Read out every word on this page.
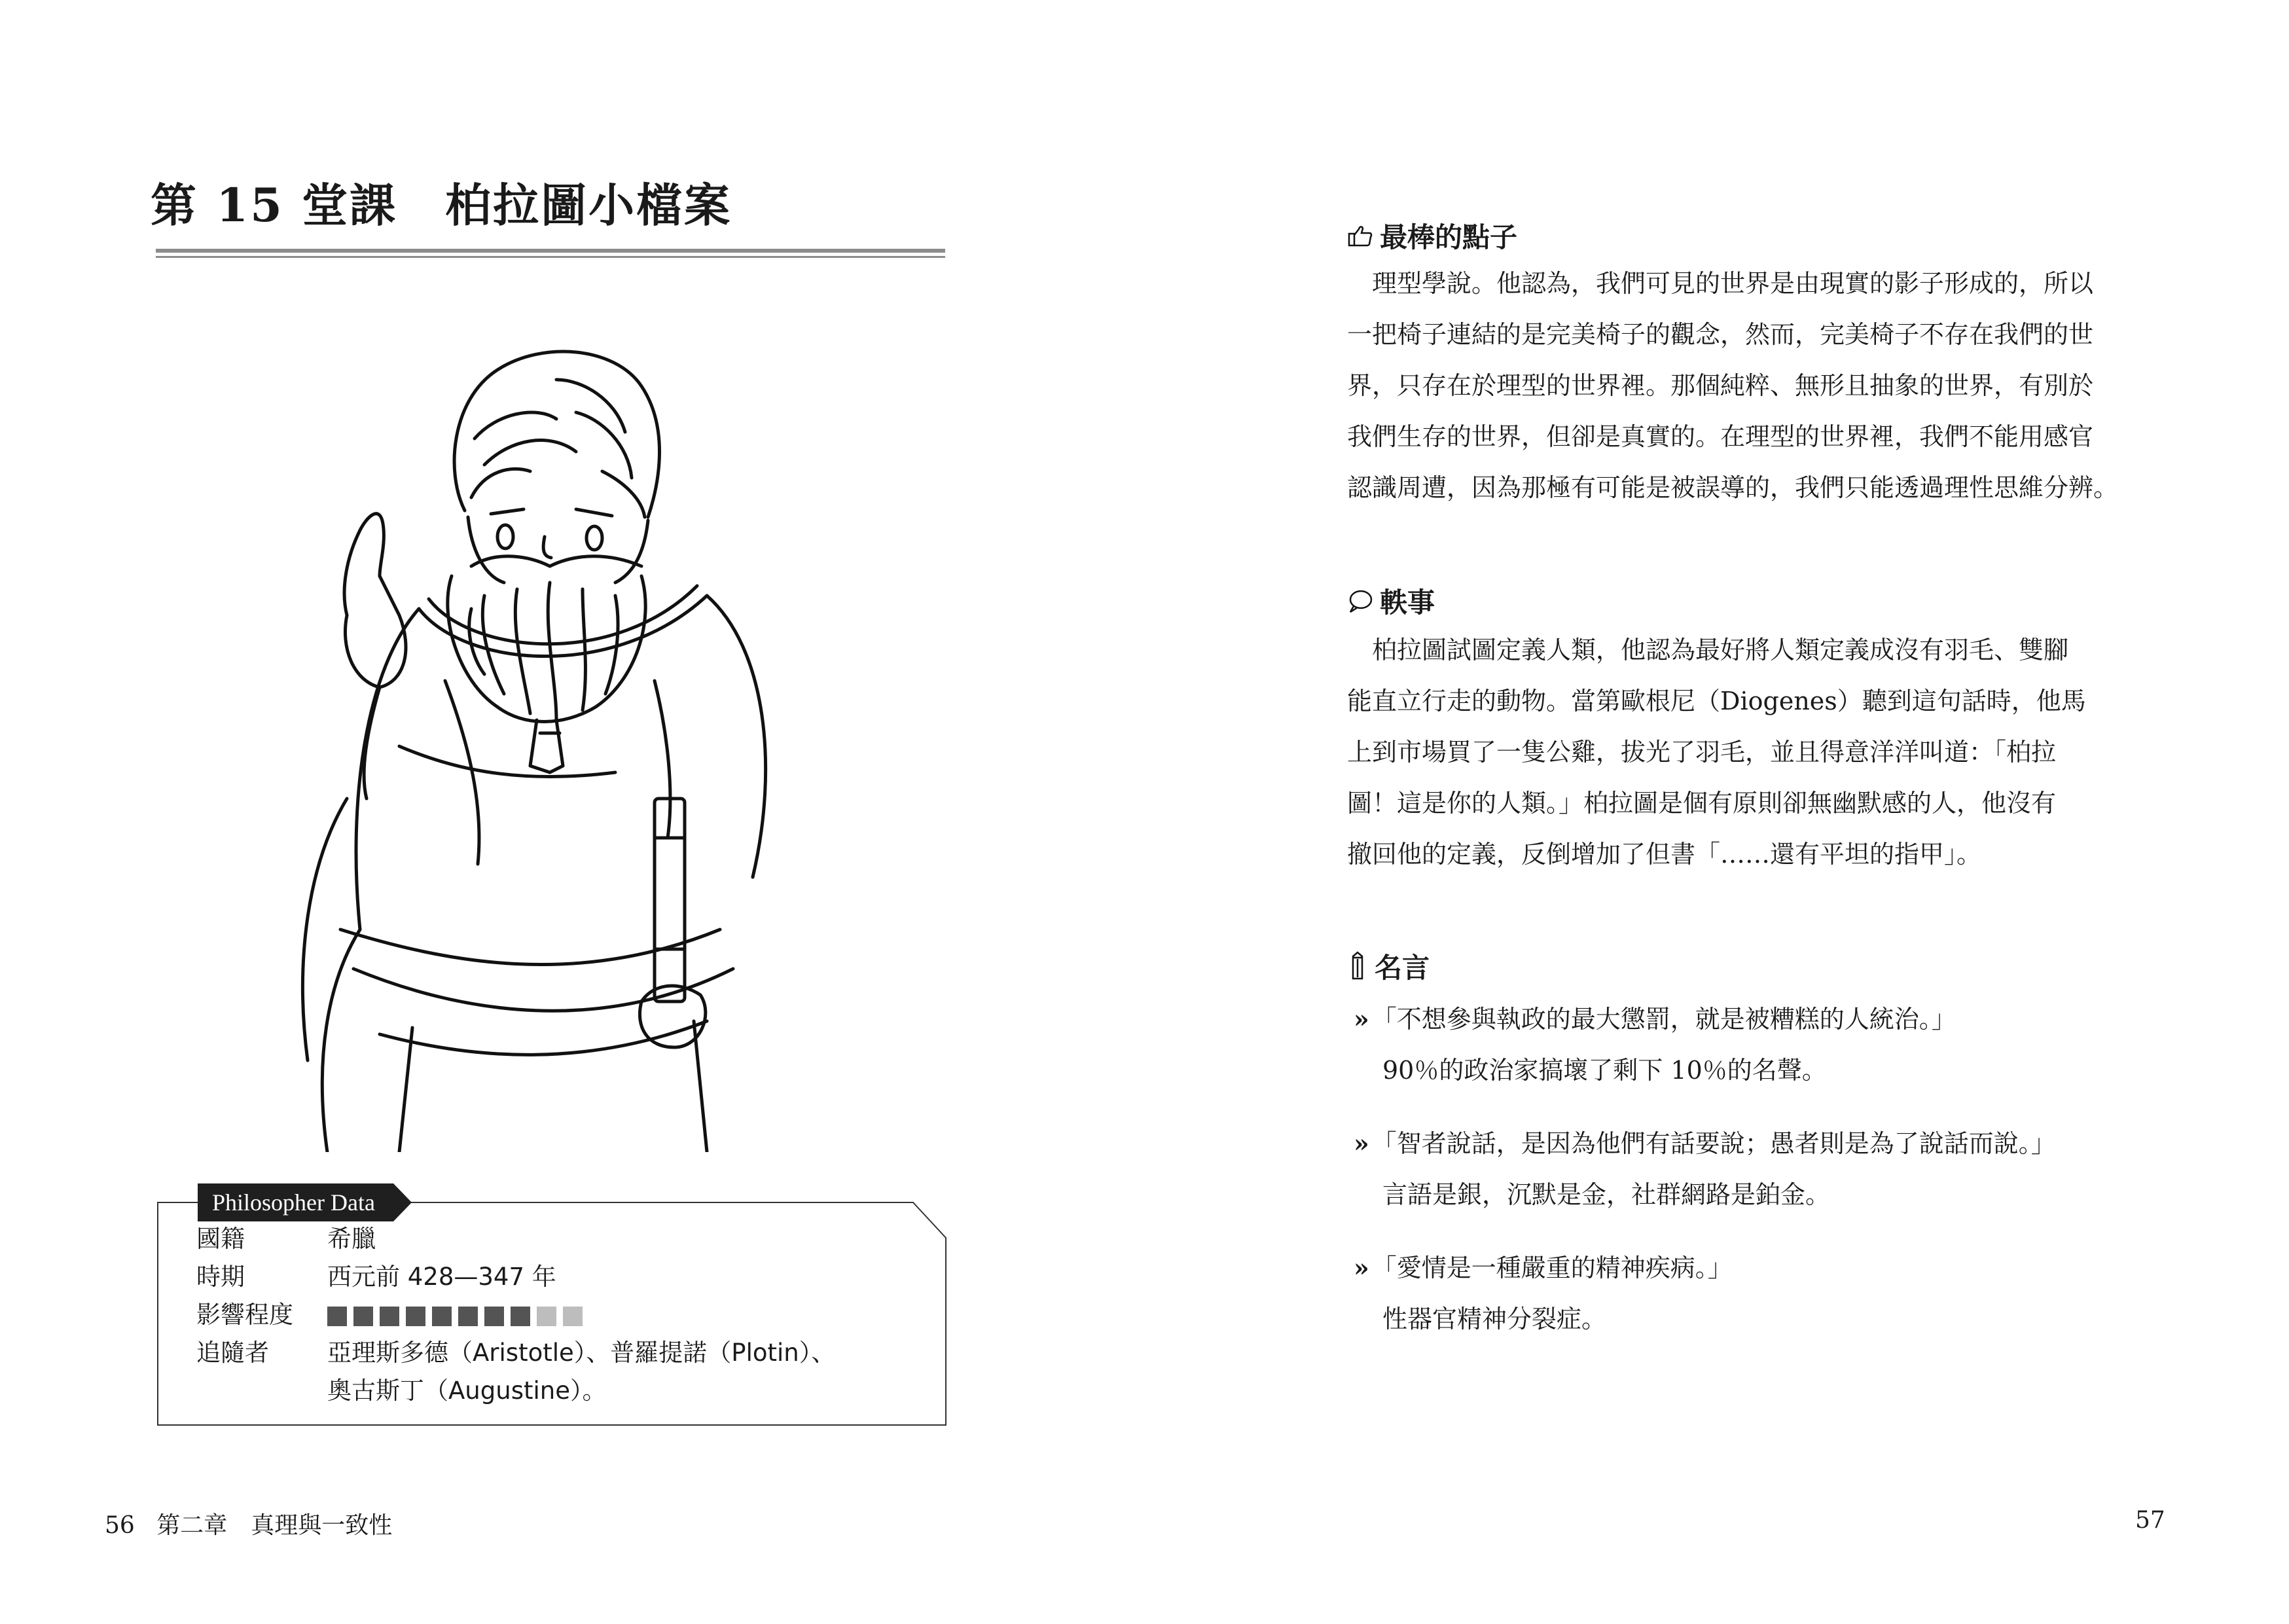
第 15 堂課　柏拉圖小檔案
Philosopher Data
國籍	希臘
時期	西元前 428—347 年
影響程度
追隨者	亞理斯多德（Aristotle）、普羅提諾（Plotin）、
奧古斯丁（Augustine）。
56 第二章　真理與一致性
最棒的點子
理型學說。他認為，我們可見的世界是由現實的影子形成的，所以
一把椅子連結的是完美椅子的觀念，然而，完美椅子不存在我們的世
界，只存在於理型的世界裡。那個純粹、無形且抽象的世界，有別於
我們生存的世界，但卻是真實的。在理型的世界裡，我們不能用感官
認識周遭，因為那極有可能是被誤導的，我們只能透過理性思維分辨。
軼事
柏拉圖試圖定義人類，他認為最好將人類定義成沒有羽毛、雙腳
能直立行走的動物。當第歐根尼（Diogenes）聽到這句話時，他馬
上到市場買了一隻公雞，拔光了羽毛，並且得意洋洋叫道：「柏拉
圖！這是你的人類。」柏拉圖是個有原則卻無幽默感的人，他沒有
撤回他的定義，反倒增加了但書「……還有平坦的指甲」。
名言
» 「不想參與執政的最大懲罰，就是被糟糕的人統治。」
90％的政治家搞壞了剩下 10％的名聲。
» 「智者說話，是因為他們有話要說；愚者則是為了說話而說。」
言語是銀，沉默是金，社群網路是鉑金。
» 「愛情是一種嚴重的精神疾病。」
性器官精神分裂症。
57
